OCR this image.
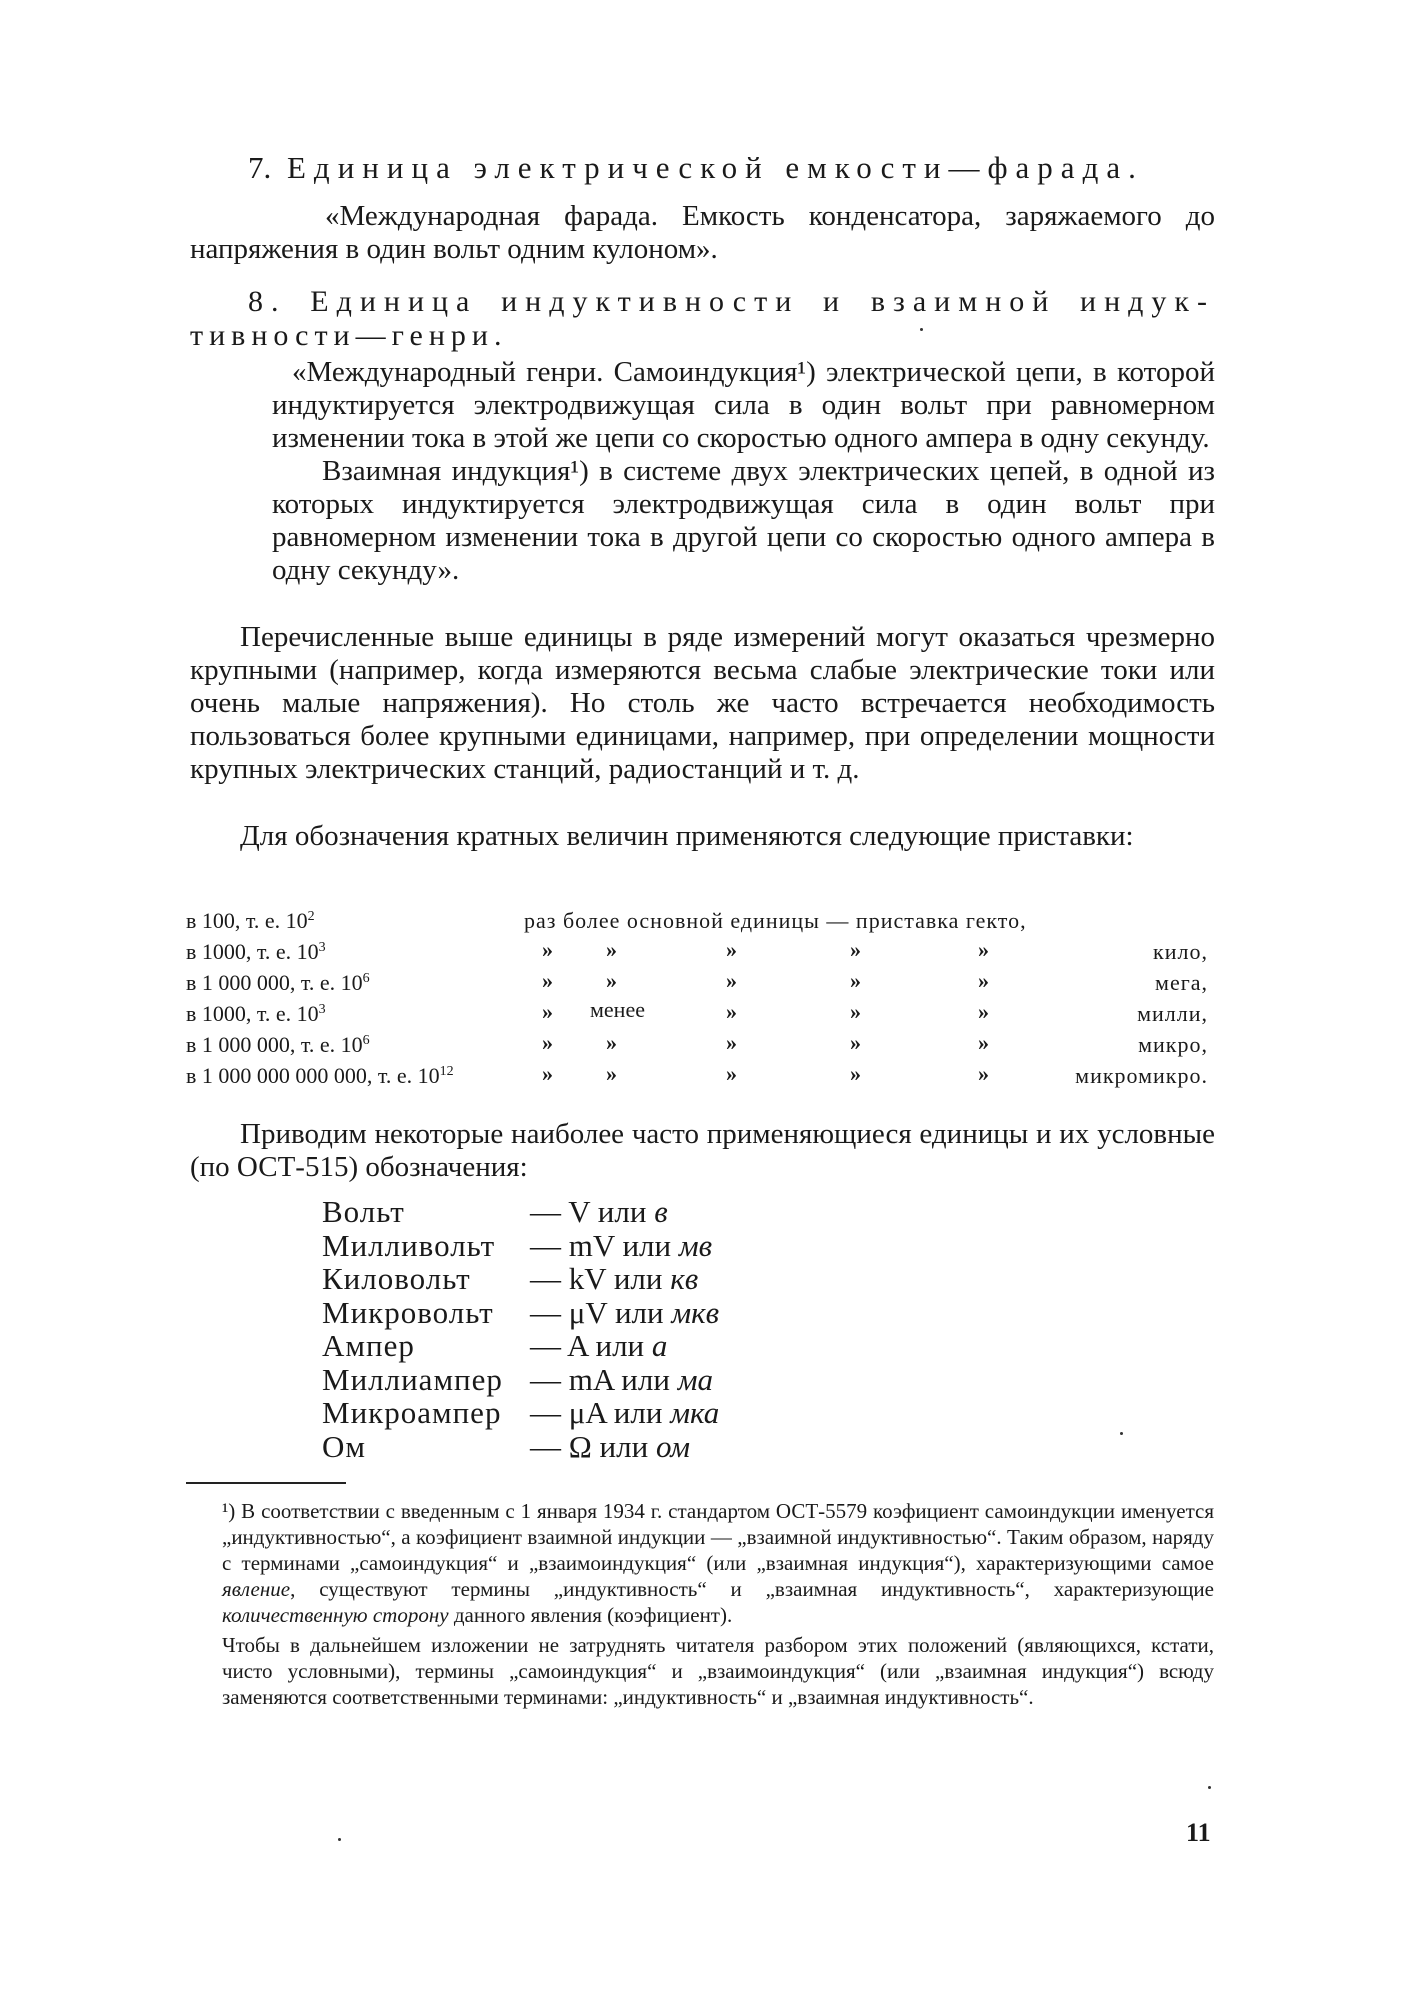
7. Единица электрической емкости—фарада.
«Международная фарада. Емкость конденсатора, заряжаемого до напряжения в один вольт одним кулоном».
8. Единица индуктивности и взаимной индук-
тивности—генри.

«Международный генри. Самоиндукция¹) электрической цепи, в которой индуктируется электродвижущая сила в один вольт при равномерном изменении тока в этой же цепи со скоростью одного ампера в одну секунду.

Взаимная индукция¹) в системе двух электрических цепей, в одной из которых индуктируется электродвижущая сила в один вольт при равномерном изменении тока в другой цепи со скоростью одного ампера в одну секунду».

Перечисленные выше единицы в ряде измерений могут оказаться чрезмерно крупными (например, когда измеряются весьма слабые электрические токи или очень малые напряжения). Но столь же часто встречается необходимость пользоваться более крупными единицами, например, при определении мощности крупных электрических станций, радиостанций и т. д.
Для обозначения кратных величин применяются следующие приставки:
в 100, т. е. $10^2$	раз более основной единицы — приставка гекто,
в 1000, т. е. $10^3$	» »	»	»	»	кило,
в 1 000 000, т. е. $10^6$	» »	»	»	»	мега,
в 1000, т. е. $10^3$	» менее	»	»	»	милли,
в 1 000 000, т. е. $10^6$	» »	»	»	»	микро,
в 1 000 000 000 000, т. е. $10^{12}$	» »	»	»	»	микромикро.
Приводим некоторые наиболее часто применяющиеся единицы и их условные (по ОСТ-515) обозначения:
Вольт	— V или в
Милливольт — mV или мв
Киловольт — kV или кв
Микровольт — μV или мкв
Ампер	— A или а
Миллиампер — mA или ма
Микроампер — μA или мка
Ом	— Ω или ом

¹) В соответствии с введенным с 1 января 1934 г. стандартом ОСТ-5579 коэфициент самоиндукции именуется „индуктивностью“, а коэфициент взаимной индукции — „взаимной индуктивностью“. Таким образом, наряду с терминами „самоиндукция“ и „взаимоиндукция“ (или „взаимная индукция“), характеризующими самое явление, существуют термины „индуктивность“ и „взаимная индуктивность“, характеризующие количественную сторону данного явления (коэфициент).

Чтобы в дальнейшем изложении не затруднять читателя разбором этих положений (являющихся, кстати, чисто условными), термины „самоиндукция“ и „взаимоиндукция“ (или „взаимная индукция“) всюду заменяются соответственными терминами: „индуктивность“ и „взаимная индуктивность“.

11
